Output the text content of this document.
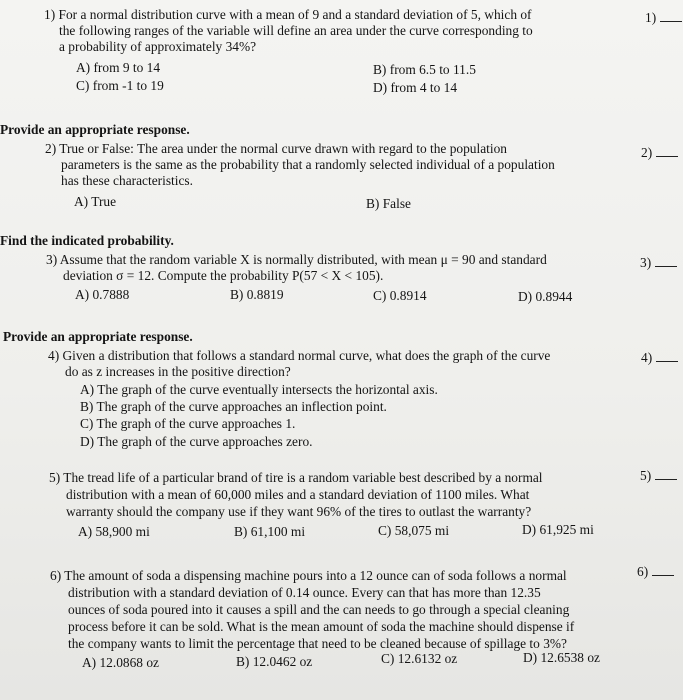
1) For a normal distribution curve with a mean of 9 and a standard deviation of 5, which of
the following ranges of the variable will define an area under the curve corresponding to
a probability of approximately 34%?
A) from 9 to 14	B) from 6.5 to 11.5
C) from -1 to 19	D) from 4 to 14
1)
Provide an appropriate response.
2) True or False: The area under the normal curve drawn with regard to the population
parameters is the same as the probability that a randomly selected individual of a population
has these characteristics.
A) True	B) False
2)
Find the indicated probability.
3) Assume that the random variable X is normally distributed, with mean μ = 90 and standard
deviation σ = 12. Compute the probability P(57 < X < 105).
A) 0.7888	B) 0.8819	C) 0.8914	D) 0.8944
3)
Provide an appropriate response.
4) Given a distribution that follows a standard normal curve, what does the graph of the curve
do as z increases in the positive direction?
A) The graph of the curve eventually intersects the horizontal axis.
B) The graph of the curve approaches an inflection point.
C) The graph of the curve approaches 1.
D) The graph of the curve approaches zero.
4)
5) The tread life of a particular brand of tire is a random variable best described by a normal
distribution with a mean of 60,000 miles and a standard deviation of 1100 miles. What
warranty should the company use if they want 96% of the tires to outlast the warranty?
A) 58,900 mi	B) 61,100 mi	C) 58,075 mi	D) 61,925 mi
5)
6) The amount of soda a dispensing machine pours into a 12 ounce can of soda follows a normal
distribution with a standard deviation of 0.14 ounce. Every can that has more than 12.35
ounces of soda poured into it causes a spill and the can needs to go through a special cleaning
process before it can be sold. What is the mean amount of soda the machine should dispense if
the company wants to limit the percentage that need to be cleaned because of spillage to 3%?
A) 12.0868 oz	B) 12.0462 oz	C) 12.6132 oz	D) 12.6538 oz
6)
